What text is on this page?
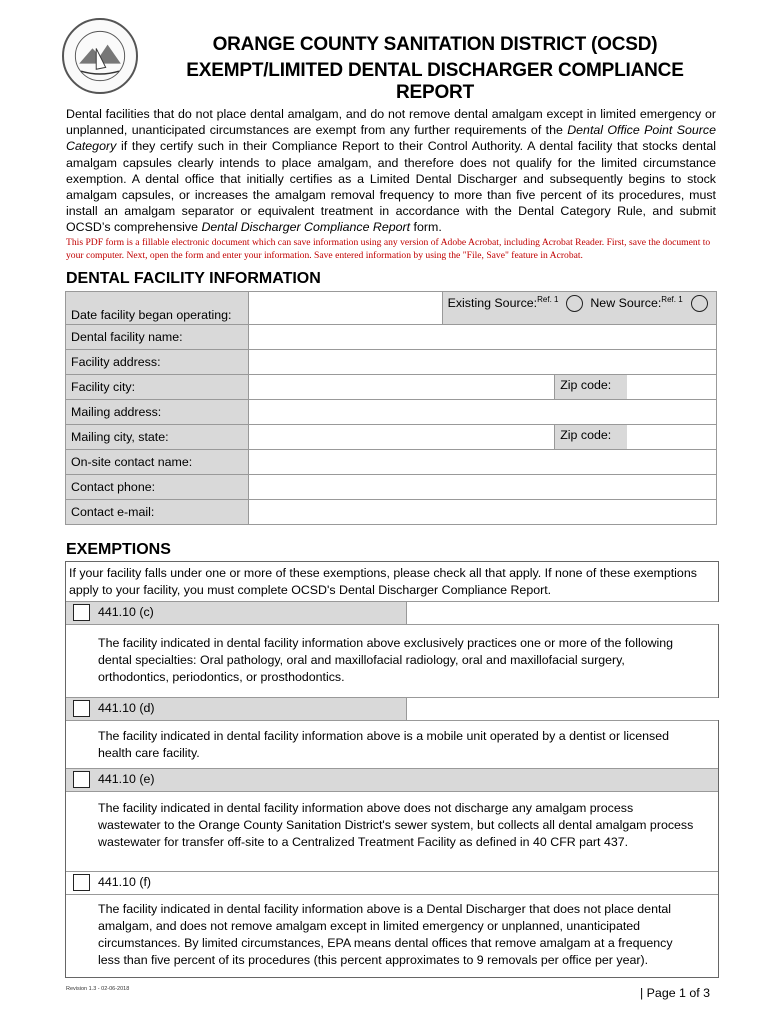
ORANGE COUNTY SANITATION DISTRICT (OCSD)
EXEMPT/LIMITED DENTAL DISCHARGER COMPLIANCE REPORT
Dental facilities that do not place dental amalgam, and do not remove dental amalgam except in limited emergency or unplanned, unanticipated circumstances are exempt from any further requirements of the Dental Office Point Source Category if they certify such in their Compliance Report to their Control Authority. A dental facility that stocks dental amalgam capsules clearly intends to place amalgam, and therefore does not qualify for the limited circumstance exemption. A dental office that initially certifies as a Limited Dental Discharger and subsequently begins to stock amalgam capsules, or increases the amalgam removal frequency to more than five percent of its procedures, must install an amalgam separator or equivalent treatment in accordance with the Dental Category Rule, and submit OCSD’s comprehensive Dental Discharger Compliance Report form.
This PDF form is a fillable electronic document which can save information using any version of Adobe Acrobat, including Acrobat Reader. First, save the document to your computer. Next, open the form and enter your information. Save entered information by using the "File, Save" feature in Acrobat.
DENTAL FACILITY INFORMATION
Date facility began operating:		Existing Source:$^{Ref. 1}$ New Source:$^{Ref. 1}$
Dental facility name:		
Facility address:		
Facility city:	Zip code:	

Mailing address:		
Mailing city, state:	Zip code:	

On-site contact name:		
Contact phone:		
Contact e-mail:		
EXEMPTIONS
If your facility falls under one or more of these exemptions, please check all that apply. If none of these exemptions apply to your facility, you must complete OCSD's Dental Discharger Compliance Report.
441.10 (c)
The facility indicated in dental facility information above exclusively practices one or more of the following dental specialties: Oral pathology, oral and maxillofacial radiology, oral and maxillofacial surgery, orthodontics, periodontics, or prosthodontics.
441.10 (d)
The facility indicated in dental facility information above is a mobile unit operated by a dentist or licensed health care facility.
441.10 (e)
The facility indicated in dental facility information above does not discharge any amalgam process wastewater to the Orange County Sanitation District's sewer system, but collects all dental amalgam process wastewater for transfer off-site to a Centralized Treatment Facility as defined in 40 CFR part 437.
441.10 (f)
The facility indicated in dental facility information above is a Dental Discharger that does not place dental amalgam, and does not remove amalgam except in limited emergency or unplanned, unanticipated circumstances. By limited circumstances, EPA means dental offices that remove amalgam at a frequency less than five percent of its procedures (this percent approximates to 9 removals per office per year).
Revision 1.3 - 02-06-2018	| Page 1 of 3
